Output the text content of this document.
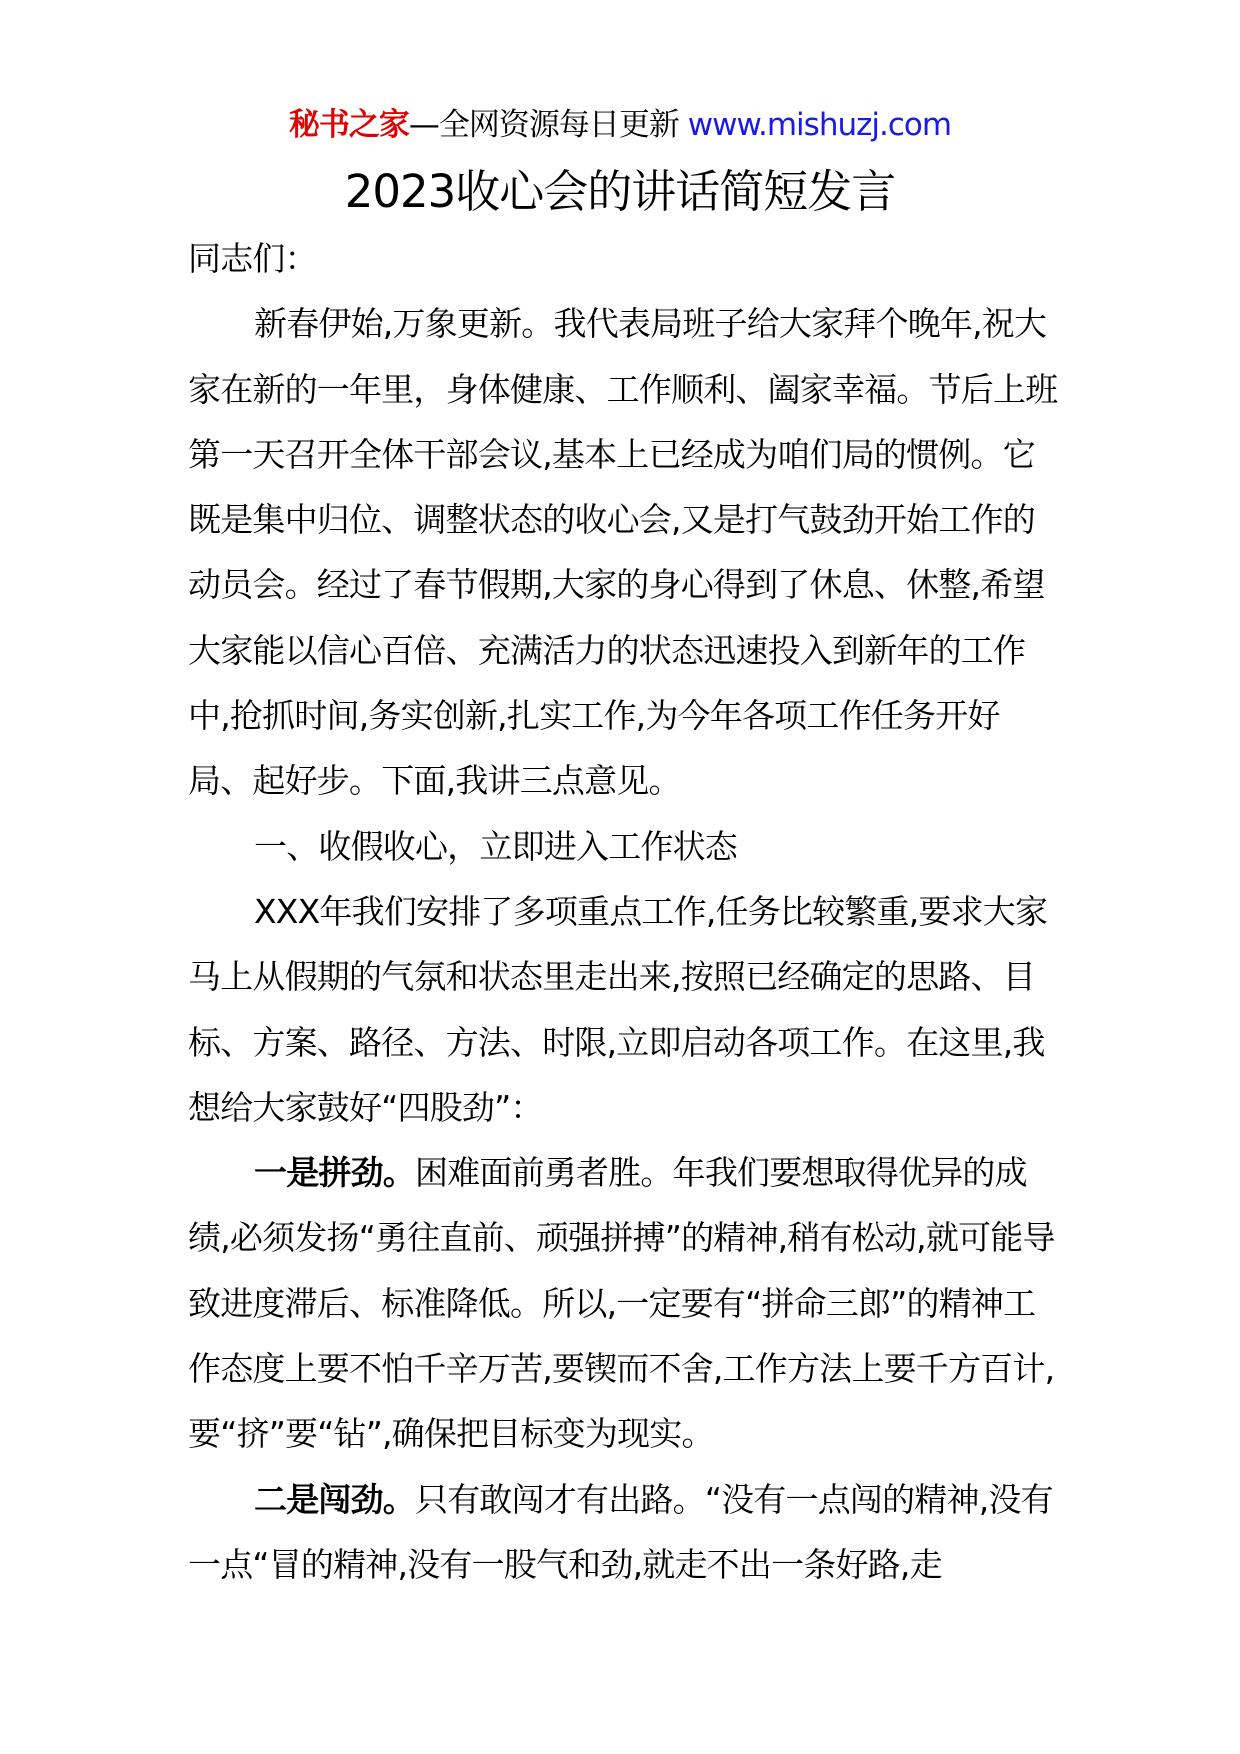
秘书之家—全网资源每日更新 www.mishuzj.com
2023收心会的讲话简短发言

同志们：

新春伊始,万象更新。我代表局班子给大家拜个晚年,祝大家在新的一年里，身体健康、工作顺利、阖家幸福。节后上班第一天召开全体干部会议,基本上已经成为咱们局的惯例。它既是集中归位、调整状态的收心会,又是打气鼓劲开始工作的动员会。经过了春节假期,大家的身心得到了休息、休整,希望大家能以信心百倍、充满活力的状态迅速投入到新年的工作中,抢抓时间,务实创新,扎实工作,为今年各项工作任务开好局、起好步。下面,我讲三点意见。

一、收假收心，立即进入工作状态

XXX年我们安排了多项重点工作,任务比较繁重,要求大家马上从假期的气氛和状态里走出来,按照已经确定的思路、目标、方案、路径、方法、时限,立即启动各项工作。在这里,我想给大家鼓好“四股劲”：

一是拼劲。困难面前勇者胜。年我们要想取得优异的成绩,必须发扬“勇往直前、顽强拼搏”的精神,稍有松动,就可能导致进度滞后、标准降低。所以,一定要有“拼命三郎”的精神工作态度上要不怕千辛万苦,要锲而不舍,工作方法上要千方百计,要“挤”要“钻”,确保把目标变为现实。

二是闯劲。只有敢闯才有出路。“没有一点闯的精神,没有一点“冒的精神,没有一股气和劲,就走不出一条好路,走
